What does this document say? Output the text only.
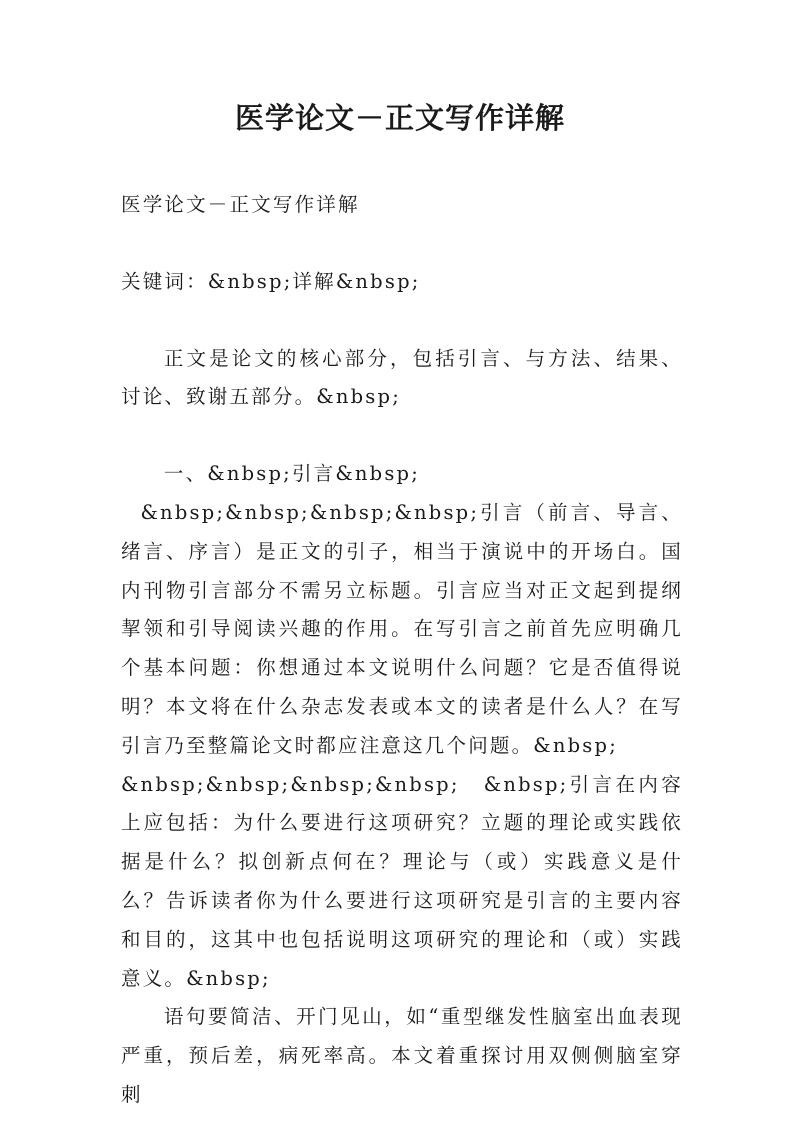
医学论文－正文写作详解

医学论文－正文写作详解

关键词：&nbsp;详解&nbsp;

正文是论文的核心部分，包括引言、与方法、结果、讨论、致谢五部分。&nbsp;

一、&nbsp;引言&nbsp;

&nbsp;&nbsp;&nbsp;&nbsp;引言（前言、导言、绪言、序言）是正文的引子，相当于演说中的开场白。国内刊物引言部分不需另立标题。引言应当对正文起到提纲挈领和引导阅读兴趣的作用。在写引言之前首先应明确几个基本问题：你想通过本文说明什么问题？它是否值得说明？本文将在什么杂志发表或本文的读者是什么人？在写引言乃至整篇论文时都应注意这几个问题。&nbsp;

&nbsp;&nbsp;&nbsp;&nbsp;　&nbsp;引言在内容上应包括：为什么要进行这项研究？立题的理论或实践依据是什么？拟创新点何在？理论与（或）实践意义是什么？告诉读者你为什么要进行这项研究是引言的主要内容和目的，这其中也包括说明这项研究的理论和（或）实践意义。&nbsp;

语句要简洁、开门见山，如“重型继发性脑室出血表现严重，预后差，病死率高。本文着重探讨用双侧侧脑室穿刺
